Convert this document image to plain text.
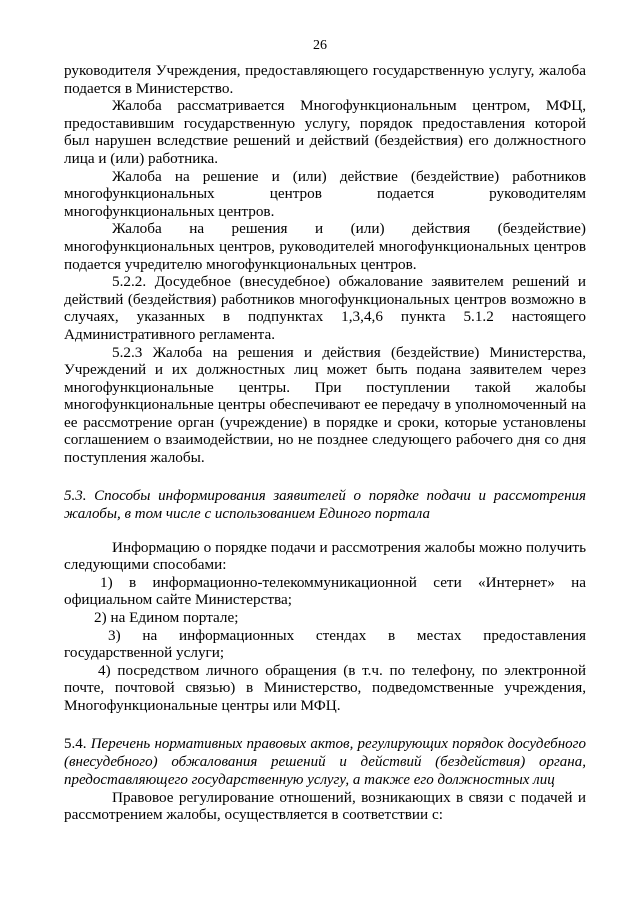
26

руководителя Учреждения, предоставляющего государственную услугу, жалоба подается в Министерство.

Жалоба рассматривается Многофункциональным центром, МФЦ, предоставившим государственную услугу, порядок предоставления которой был нарушен вследствие решений и действий (бездействия) его должностного лица и (или) работника.

Жалоба на решение и (или) действие (бездействие) работников многофункциональных центров подается руководителям многофункциональных центров.

Жалоба на решения и (или) действия (бездействие) многофункциональных центров, руководителей многофункциональных центров подается учредителю многофункциональных центров.

5.2.2. Досудебное (внесудебное) обжалование заявителем решений и действий (бездействия) работников многофункциональных центров возможно в случаях, указанных в подпунктах 1,3,4,6 пункта 5.1.2 настоящего Административного регламента.

5.2.3 Жалоба на решения и действия (бездействие) Министерства, Учреждений и их должностных лиц может быть подана заявителем через многофункциональные центры. При поступлении такой жалобы многофункциональные центры обеспечивают ее передачу в уполномоченный на ее рассмотрение орган (учреждение) в порядке и сроки, которые установлены соглашением о взаимодействии, но не позднее следующего рабочего дня со дня поступления жалобы.

5.3. Способы информирования заявителей о порядке подачи и рассмотрения жалобы, в том числе с использованием Единого портала

Информацию о порядке подачи и рассмотрения жалобы можно получить следующими способами:

1) в информационно-телекоммуникационной сети «Интернет» на официальном сайте Министерства;

2) на Едином портале;

3) на информационных стендах в местах предоставления государственной услуги;

4) посредством личного обращения (в т.ч. по телефону, по электронной почте, почтовой связью) в Министерство, подведомственные учреждения, Многофункциональные центры или МФЦ.

5.4. Перечень нормативных правовых актов, регулирующих порядок досудебного (внесудебного) обжалования решений и действий (бездействия) органа, предоставляющего государственную услугу, а также его должностных лиц

Правовое регулирование отношений, возникающих в связи с подачей и рассмотрением жалобы, осуществляется в соответствии с:
